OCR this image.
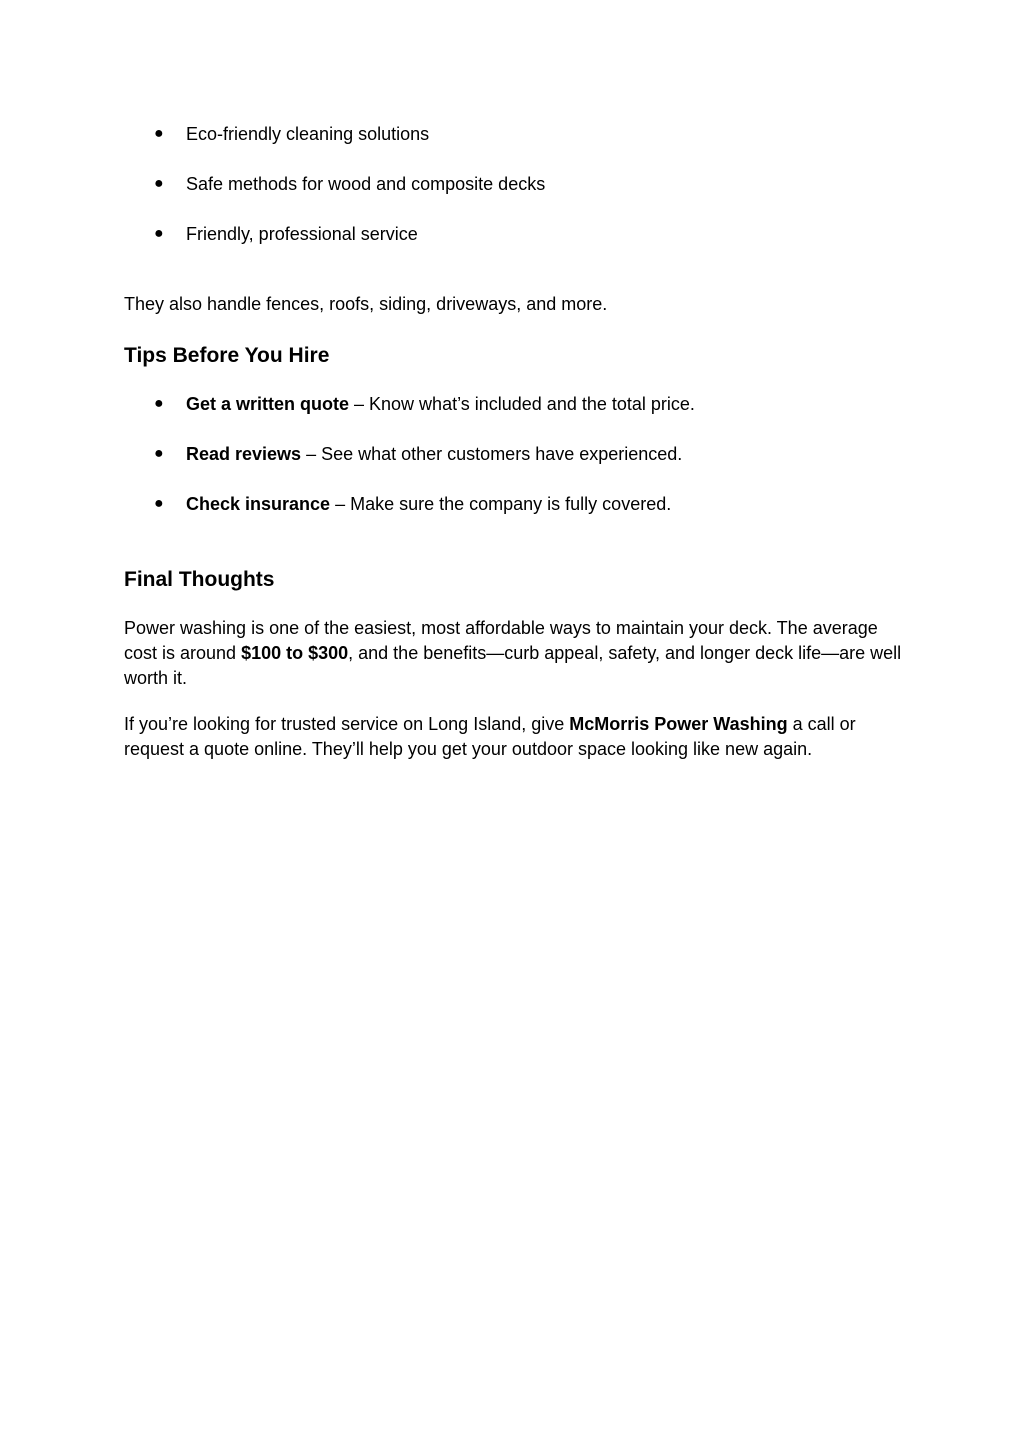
● Eco-friendly cleaning solutions
● Safe methods for wood and composite decks
● Friendly, professional service

They also handle fences, roofs, siding, driveways, and more.

Tips Before You Hire
● Get a written quote – Know what’s included and the total price.
● Read reviews – See what other customers have experienced.
● Check insurance – Make sure the company is fully covered.
Final Thoughts

Power washing is one of the easiest, most affordable ways to maintain your deck. The average cost is around $100 to $300, and the benefits—curb appeal, safety, and longer deck life—are well worth it.

If you’re looking for trusted service on Long Island, give McMorris Power Washing a call or request a quote online. They’ll help you get your outdoor space looking like new again.
